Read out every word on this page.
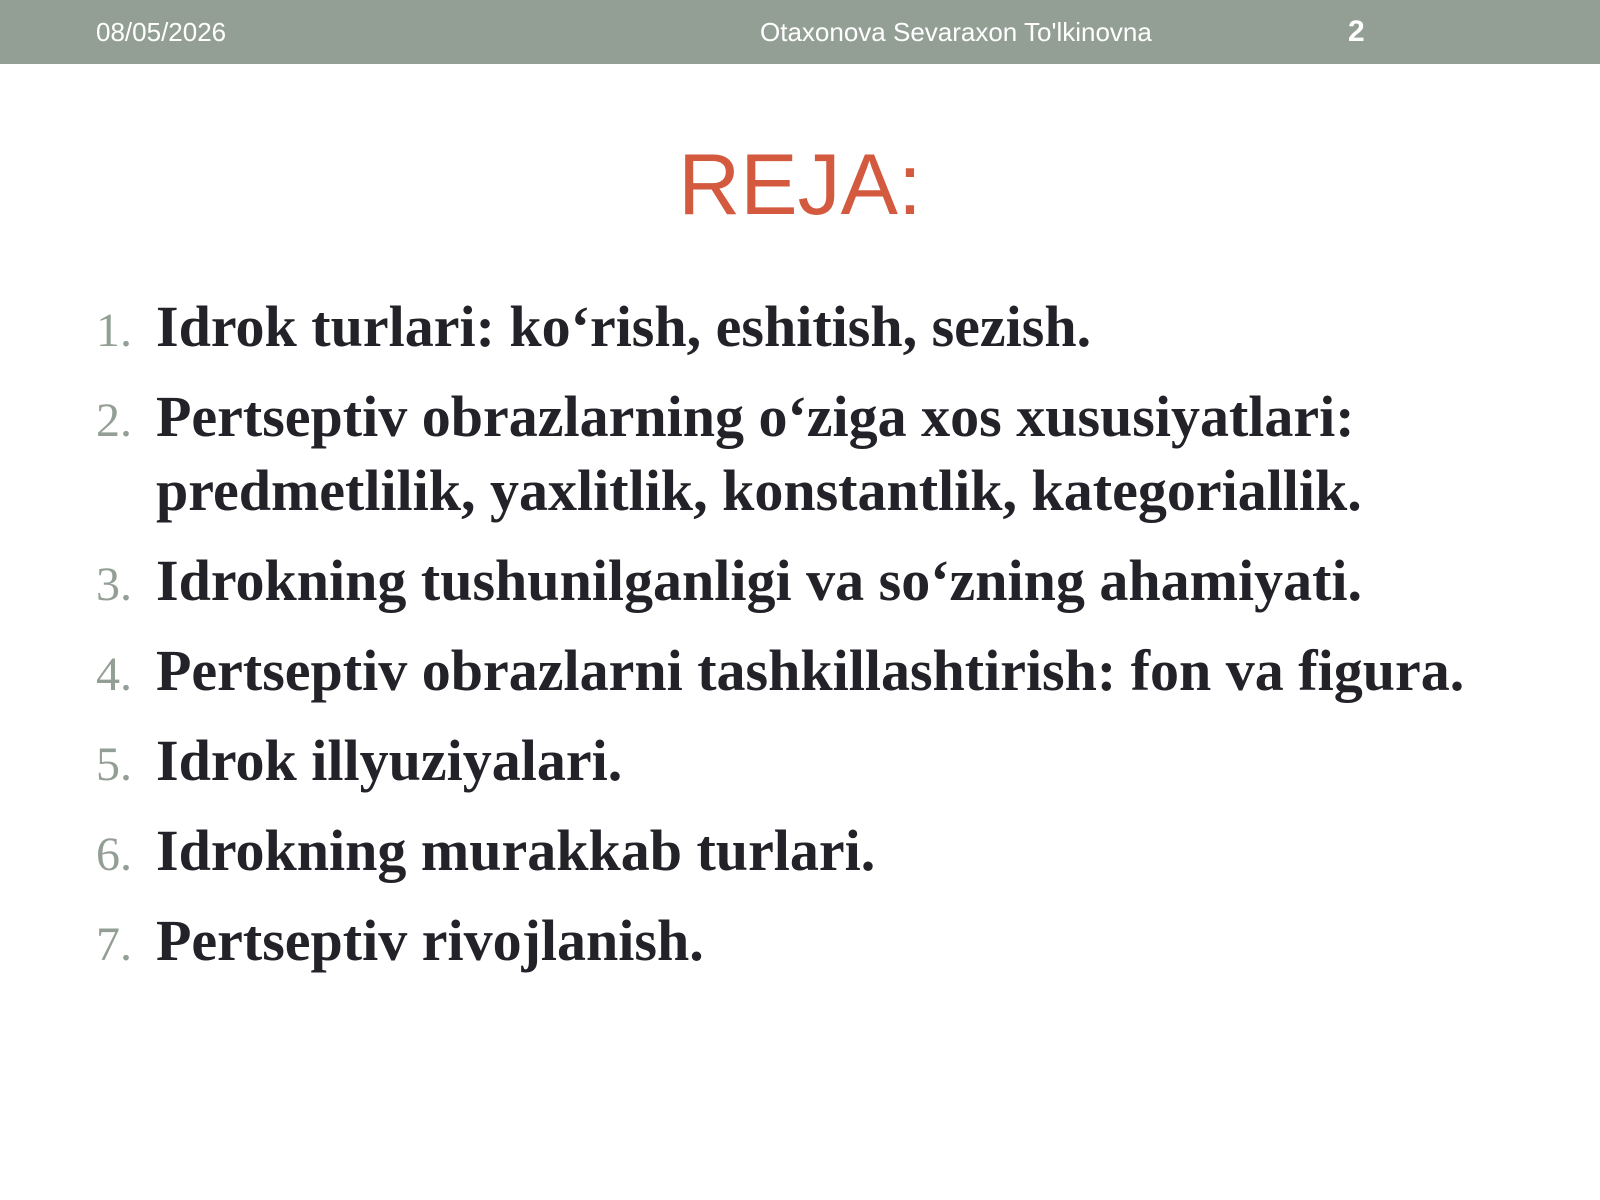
08/05/2026	Otaxonova Sevaraxon To'lkinovna	2
REJA:
1. Idrok turlari: ko‘rish, eshitish, sezish.
2. Pertseptiv obrazlarning o‘ziga xos xususiyatlari: predmetlilik, yaxlitlik, konstantlik, kategoriallik.
3. Idrokning tushunilganligi va so‘zning ahamiyati.
4. Pertseptiv obrazlarni tashkillashtirish: fon va figura.
5. Idrok illyuziyalari.
6. Idrokning murakkab turlari.
7. Pertseptiv rivojlanish.
